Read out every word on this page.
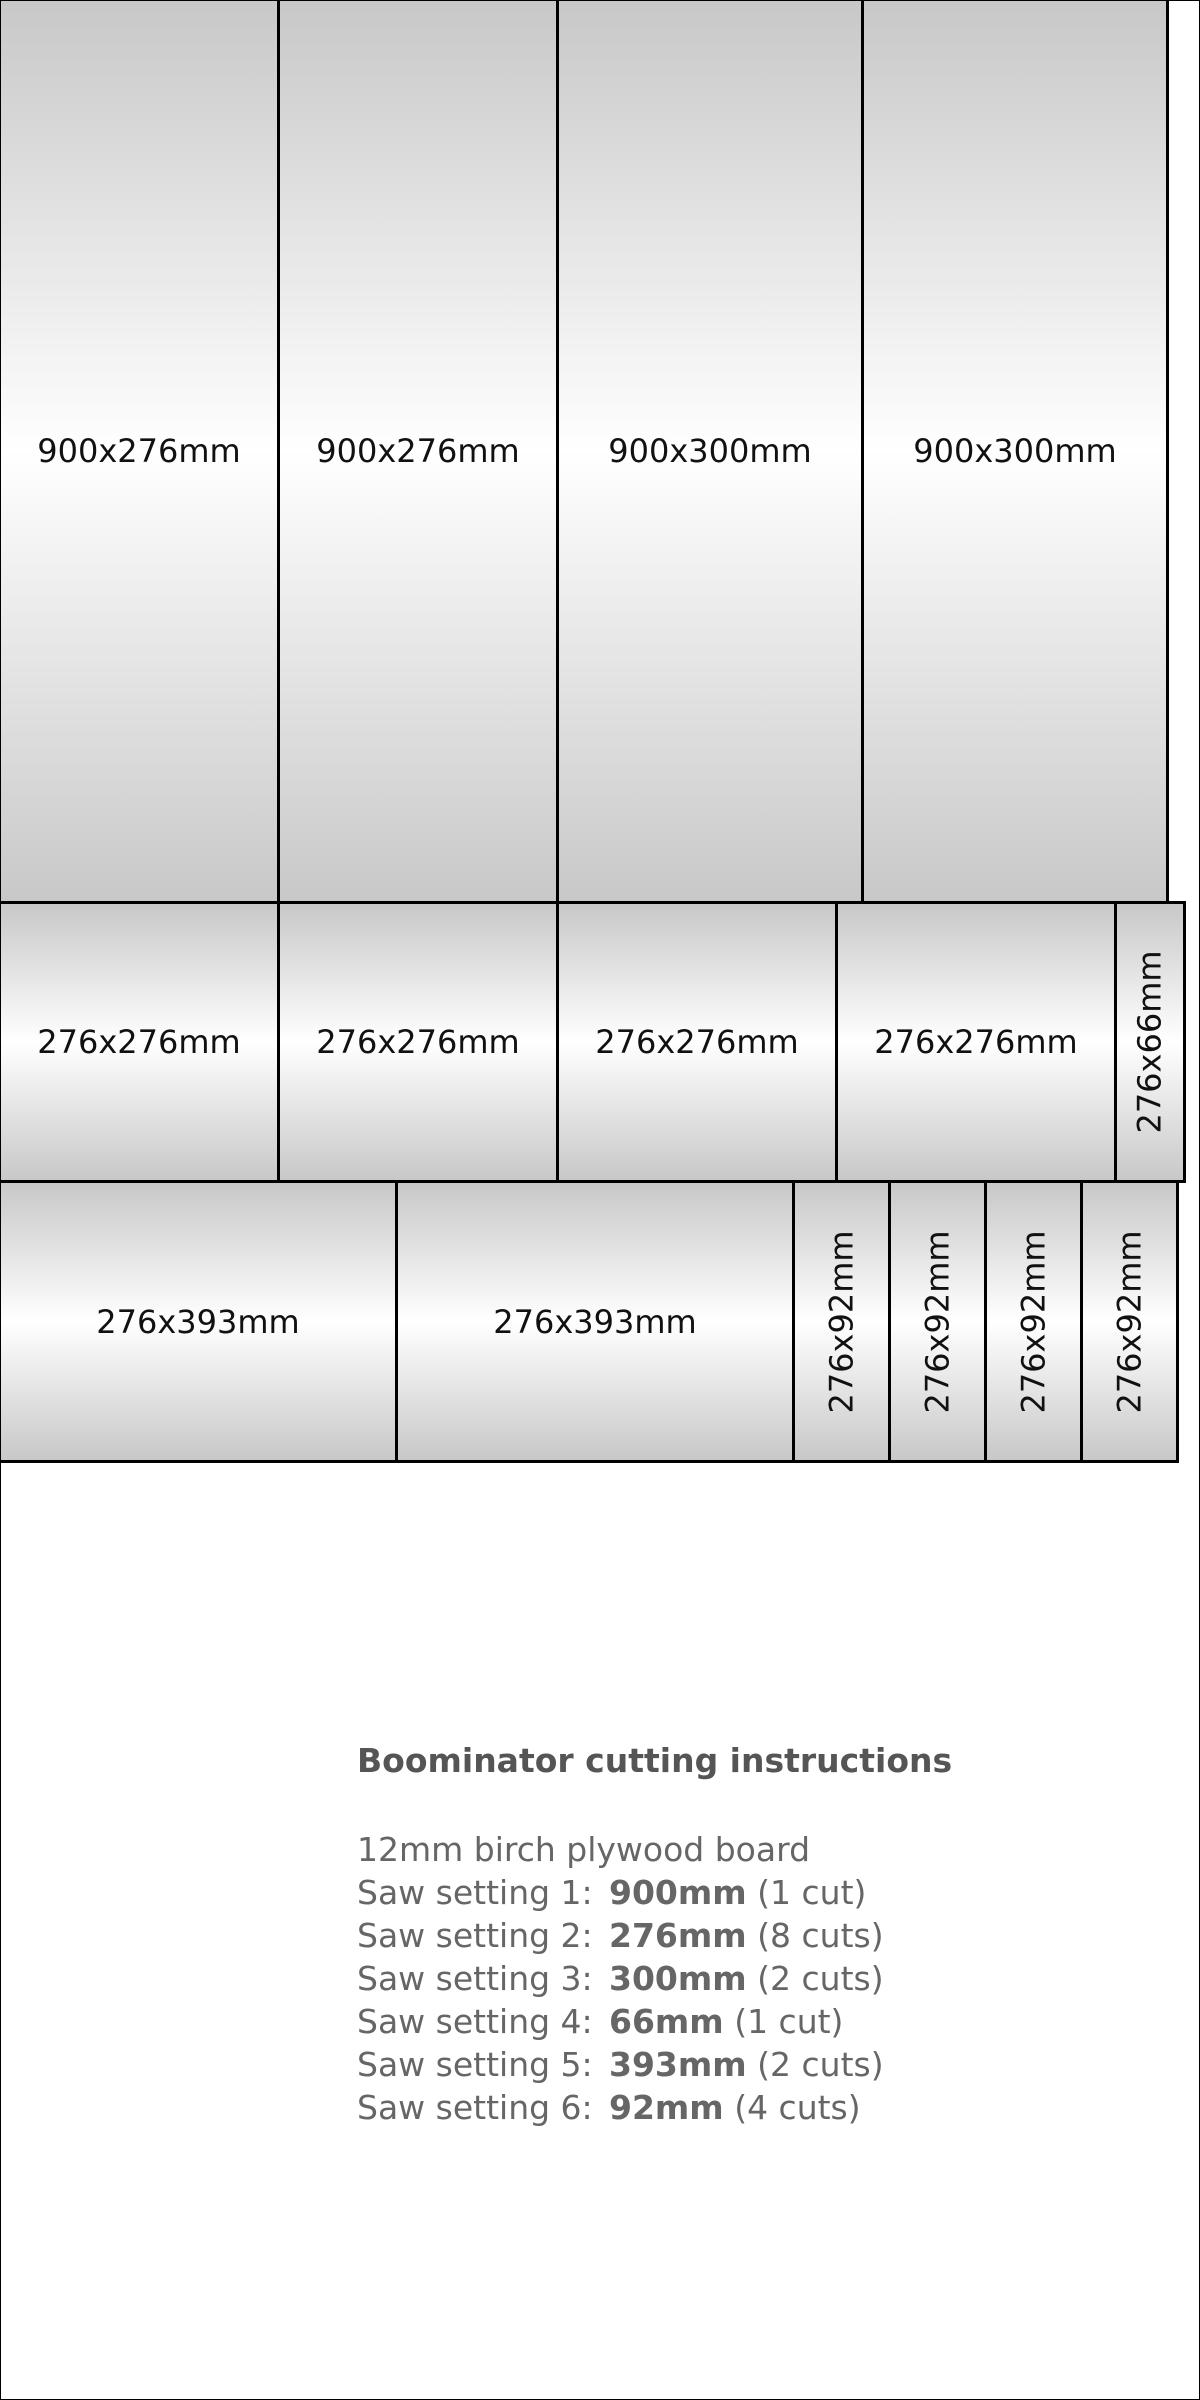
900x276mm 900x276mm	900x300mm	900x300mm
276x276mm 276x276mm 276x276mm 276x276mm 276x66mm
276x393mm	276x393mm	276x92mm 276x92mm 276x92mm 276x92mm
Boominator cutting instructions
12mm birch plywood board
Saw setting 1: 900mm (1 cut)
Saw setting 2: 276mm (8 cuts)
Saw setting 3: 300mm (2 cuts)
Saw setting 4: 66mm (1 cut)
Saw setting 5: 393mm (2 cuts)
Saw setting 6: 92mm (4 cuts)
